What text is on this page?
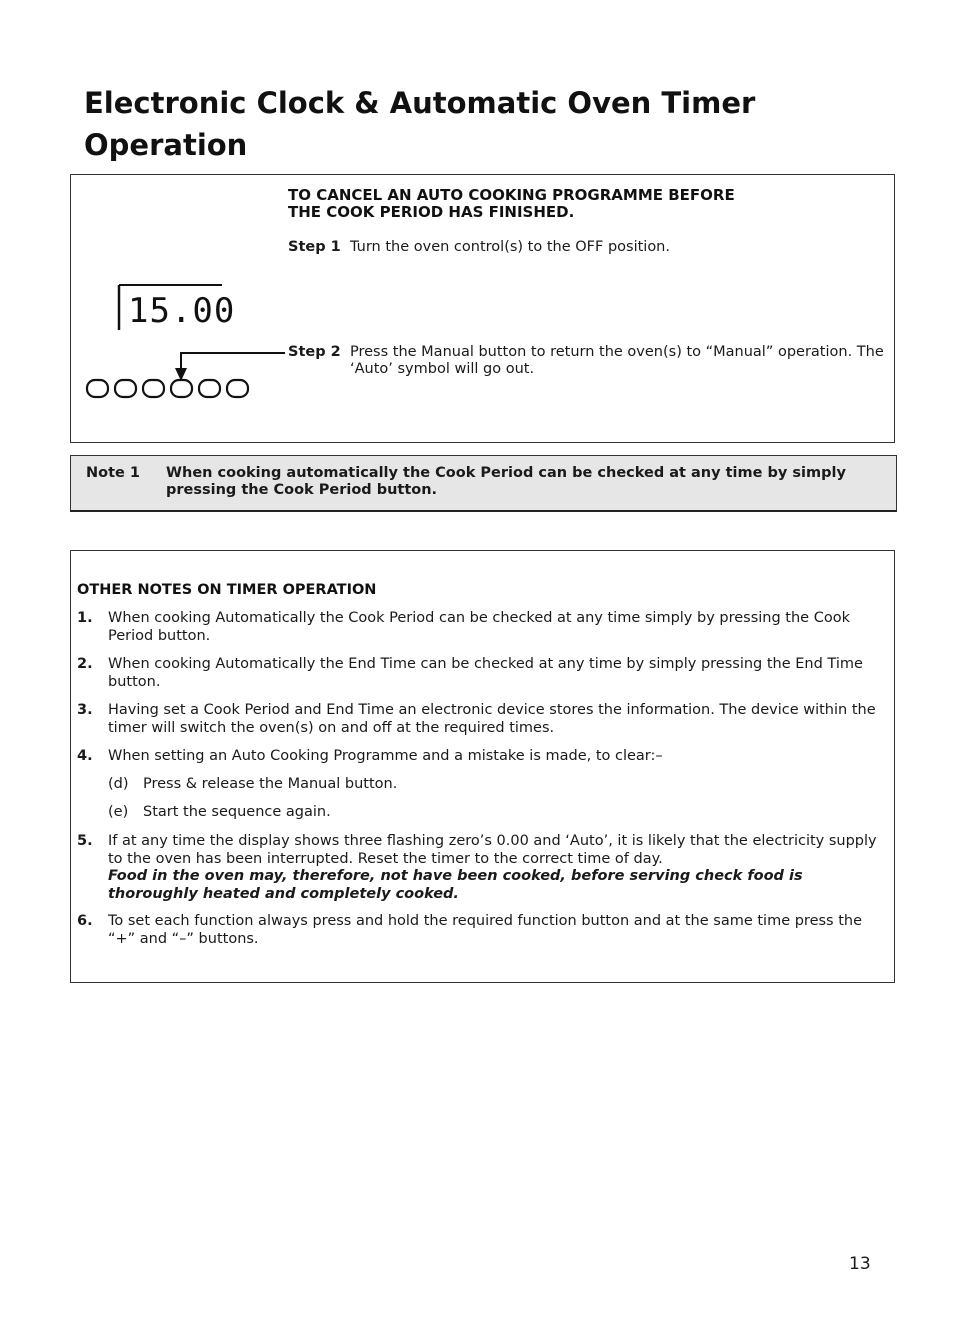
Electronic Clock & Automatic Oven Timer Operation
15.00
TO CANCEL AN AUTO COOKING PROGRAMME BEFORE
THE COOK PERIOD HAS FINISHED.
Step 1 Turn the oven control(s) to the OFF position.
Step 2 Press the Manual button to return the oven(s) to “Manual” operation. The ‘Auto’ symbol will go out.
Note 1 When cooking automatically the Cook Period can be checked at any time by simply pressing the Cook Period button.
OTHER NOTES ON TIMER OPERATION
1. When cooking Automatically the Cook Period can be checked at any time simply by pressing the Cook Period button.
2. When cooking Automatically the End Time can be checked at any time by simply pressing the End Time button.
3. Having set a Cook Period and End Time an electronic device stores the information. The device within the timer will switch the oven(s) on and off at the required times.
4. When setting an Auto Cooking Programme and a mistake is made, to clear:–
(d) Press & release the Manual button.
(e) Start the sequence again.
5. If at any time the display shows three flashing zero’s 0.00 and ‘Auto’, it is likely that the electricity supply to the oven has been interrupted. Reset the timer to the correct time of day.
Food in the oven may, therefore, not have been cooked, before serving check food is thoroughly heated and completely cooked.
6. To set each function always press and hold the required function button and at the same time press the “+” and “–” buttons.
13
